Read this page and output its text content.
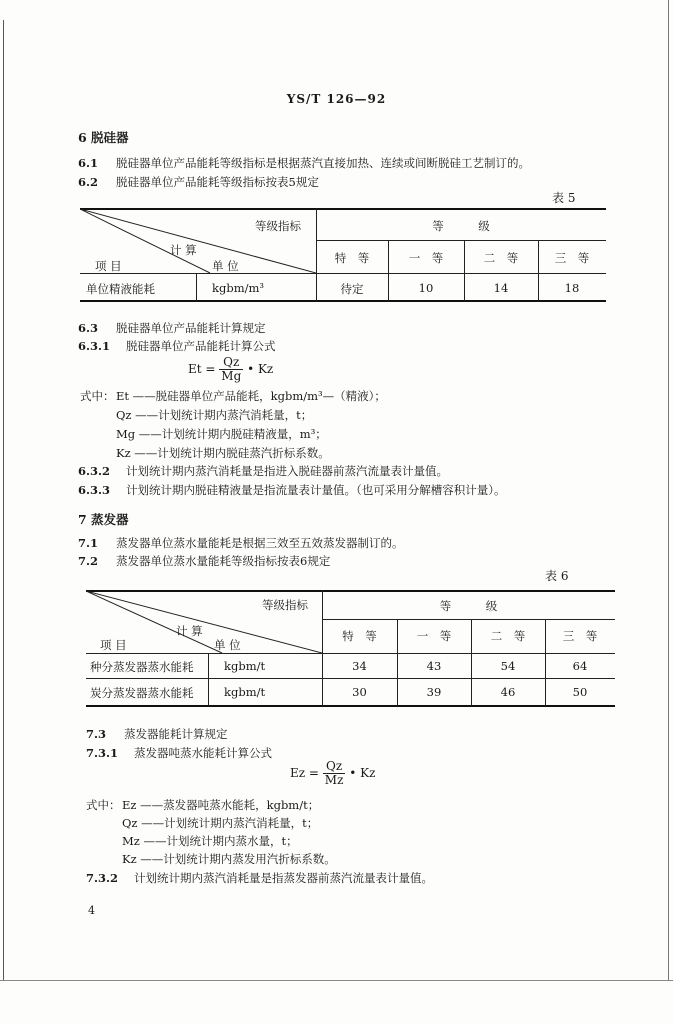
YS/T 126—92
6 脱硅器
6.1 脱硅器单位产品能耗等级指标是根据蒸汽直接加热、连续或间断脱硅工艺制订的。
6.2 脱硅器单位产品能耗等级指标按表5规定
表 5
等级指标
计 算
单 位
项 目
等　　　级
特　等	一　等	二　等	三　等
单位精液能耗	kgbm/m³	待定	10	14	18
6.3 脱硅器单位产品能耗计算规定
6.3.1 脱硅器单位产品能耗计算公式
$Et = \frac{Qz}{Mg}$ • Kz
式中： Et ——脱硅器单位产品能耗，kgbm/m³—（精液）；
Qz ——计划统计期内蒸汽消耗量，t；
Mg ——计划统计期内脱硅精液量，m³；
Kz ——计划统计期内脱硅蒸汽折标系数。
6.3.2 计划统计期内蒸汽消耗量是指进入脱硅器前蒸汽流量表计量值。
6.3.3 计划统计期内脱硅精液量是指流量表计量值。（也可采用分解槽容积计量）。
7 蒸发器
7.1 蒸发器单位蒸水量能耗是根据三效至五效蒸发器制订的。
7.2 蒸发器单位蒸水量能耗等级指标按表6规定
表 6
等级指标
计 算
单 位
项 目
等　　　级
特　等	一　等	二　等	三　等
种分蒸发器蒸水能耗	kgbm/t	34	43	54	64
炭分蒸发器蒸水能耗	kgbm/t	30	39	46	50
7.3 蒸发器能耗计算规定
7.3.1 蒸发器吨蒸水能耗计算公式
$Ez = \frac{Qz}{Mz}$ • Kz
式中： Ez ——蒸发器吨蒸水能耗，kgbm/t；
Qz ——计划统计期内蒸汽消耗量，t；
Mz ——计划统计期内蒸水量，t；
Kz ——计划统计期内蒸发用汽折标系数。
7.3.2 计划统计期内蒸汽消耗量是指蒸发器前蒸汽流量表计量值。
4
